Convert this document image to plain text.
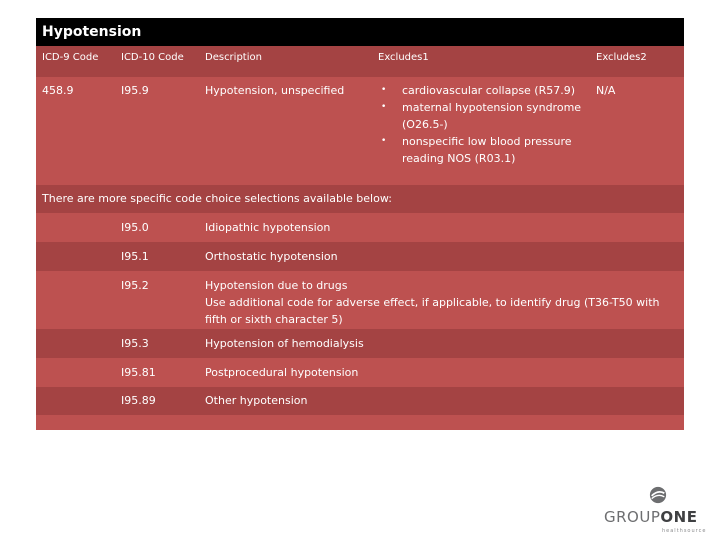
Hypotension
ICD-9 Code ICD-10 Code Description	Excludes1	Excludes2
458.9	I95.9	Hypotension, unspecified
•	cardiovascular collapse (R57.9)
• maternal hypotension syndrome (O26.5-)
• nonspecific low blood pressure reading NOS (R03.1)
N/A
There are more specific code choice selections available below:
I95.0	Idiopathic hypotension
I95.1	Orthostatic hypotension
I95.2	Hypotension due to drugs
Use additional code for adverse effect, if applicable, to identify drug (T36-T50 with fifth or sixth character 5)
I95.3	Hypotension of hemodialysis
I95.81	Postprocedural hypotension
I95.89	Other hypotension
GROUPONE
healthsource
